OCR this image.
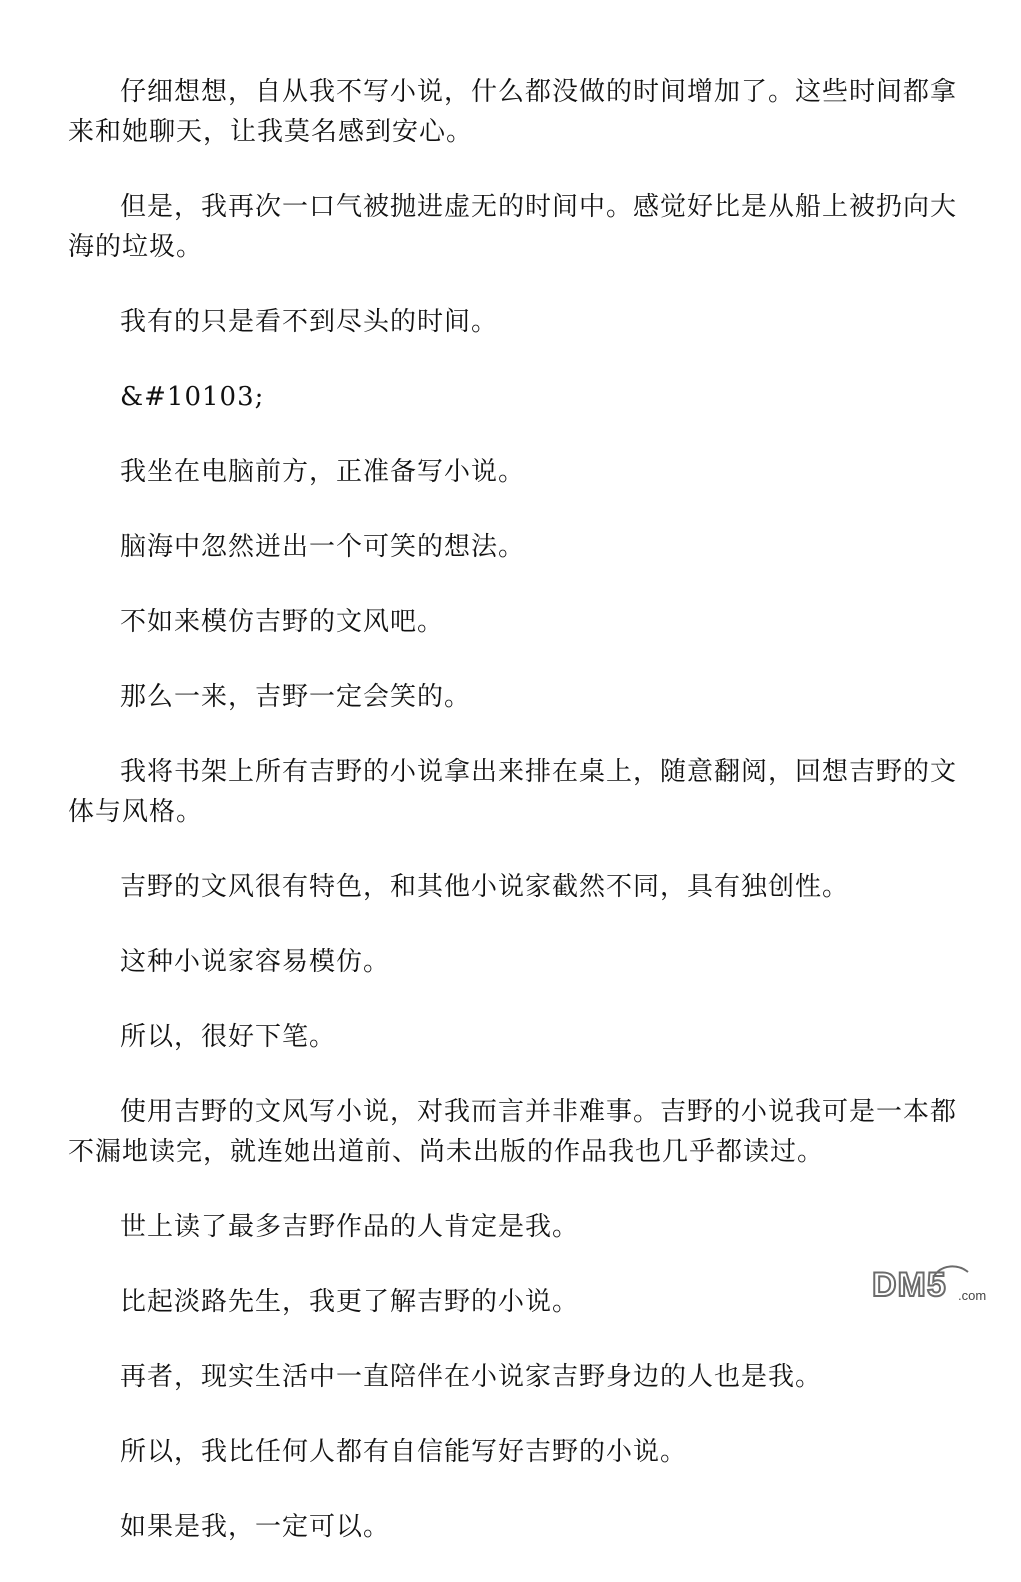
仔细想想，自从我不写小说，什么都没做的时间增加了。这些时间都拿来和她聊天，让我莫名感到安心。

但是，我再次一口气被抛进虚无的时间中。感觉好比是从船上被扔向大海的垃圾。

我有的只是看不到尽头的时间。

&#10103;

我坐在电脑前方，正准备写小说。

脑海中忽然迸出一个可笑的想法。

不如来模仿吉野的文风吧。

那么一来，吉野一定会笑的。

我将书架上所有吉野的小说拿出来排在桌上，随意翻阅，回想吉野的文体与风格。

吉野的文风很有特色，和其他小说家截然不同，具有独创性。

这种小说家容易模仿。

所以，很好下笔。

使用吉野的文风写小说，对我而言并非难事。吉野的小说我可是一本都不漏地读完，就连她出道前、尚未出版的作品我也几乎都读过。

世上读了最多吉野作品的人肯定是我。

比起淡路先生，我更了解吉野的小说。

再者，现实生活中一直陪伴在小说家吉野身边的人也是我。

所以，我比任何人都有自信能写好吉野的小说。

如果是我，一定可以。

DM5 .com
